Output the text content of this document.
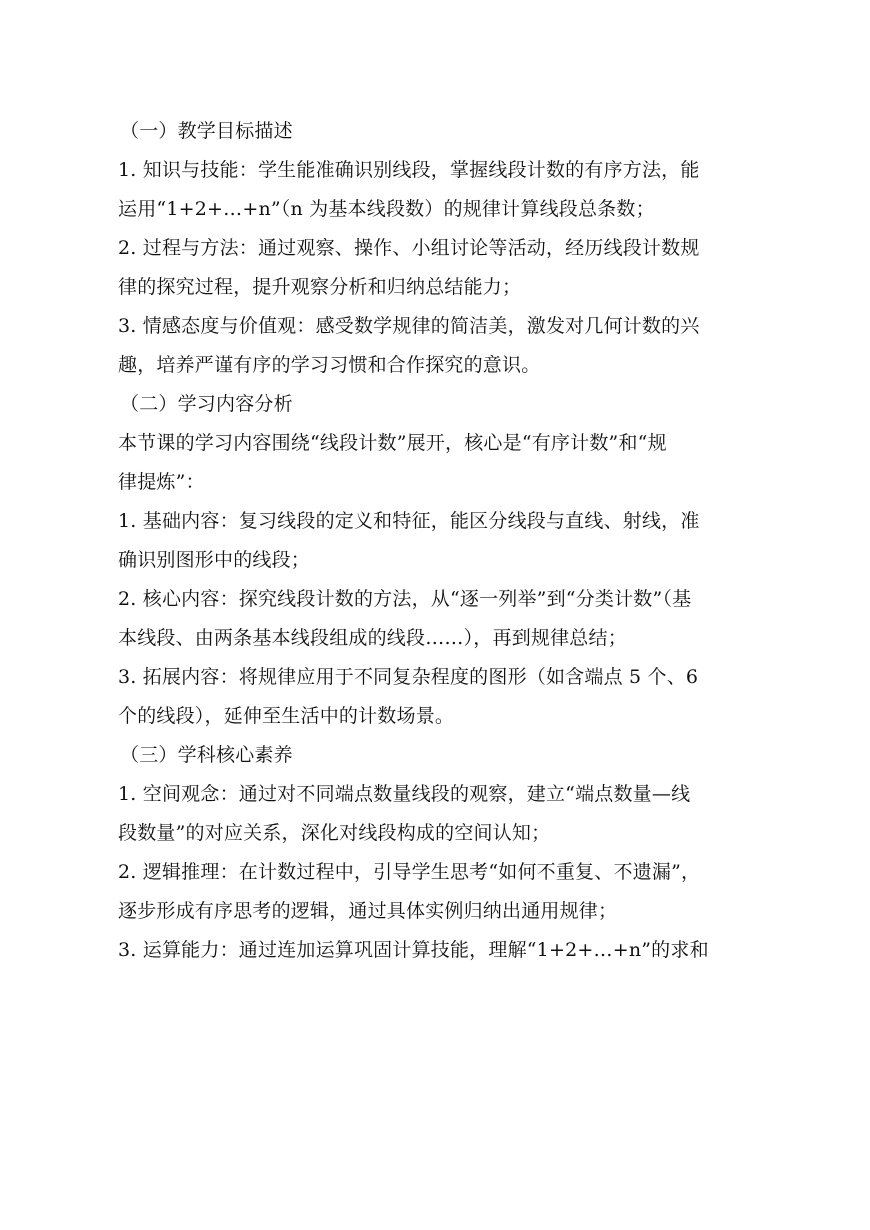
（一）教学目标描述
1. 知识与技能：学生能准确识别线段，掌握线段计数的有序方法，能
运用“1+2+…+n”（n 为基本线段数）的规律计算线段总条数；
2. 过程与方法：通过观察、操作、小组讨论等活动，经历线段计数规
律的探究过程，提升观察分析和归纳总结能力；
3. 情感态度与价值观：感受数学规律的简洁美，激发对几何计数的兴
趣，培养严谨有序的学习习惯和合作探究的意识。
（二）学习内容分析
本节课的学习内容围绕“线段计数”展开，核心是“有序计数”和“规
律提炼”：
1. 基础内容：复习线段的定义和特征，能区分线段与直线、射线，准
确识别图形中的线段；
2. 核心内容：探究线段计数的方法，从“逐一列举”到“分类计数”（基
本线段、由两条基本线段组成的线段……），再到规律总结；
3. 拓展内容：将规律应用于不同复杂程度的图形（如含端点 5 个、6
个的线段），延伸至生活中的计数场景。
（三）学科核心素养
1. 空间观念：通过对不同端点数量线段的观察，建立“端点数量—线
段数量”的对应关系，深化对线段构成的空间认知；
2. 逻辑推理：在计数过程中，引导学生思考“如何不重复、不遗漏”，
逐步形成有序思考的逻辑，通过具体实例归纳出通用规律；
3. 运算能力：通过连加运算巩固计算技能，理解“1+2+…+n”的求和
